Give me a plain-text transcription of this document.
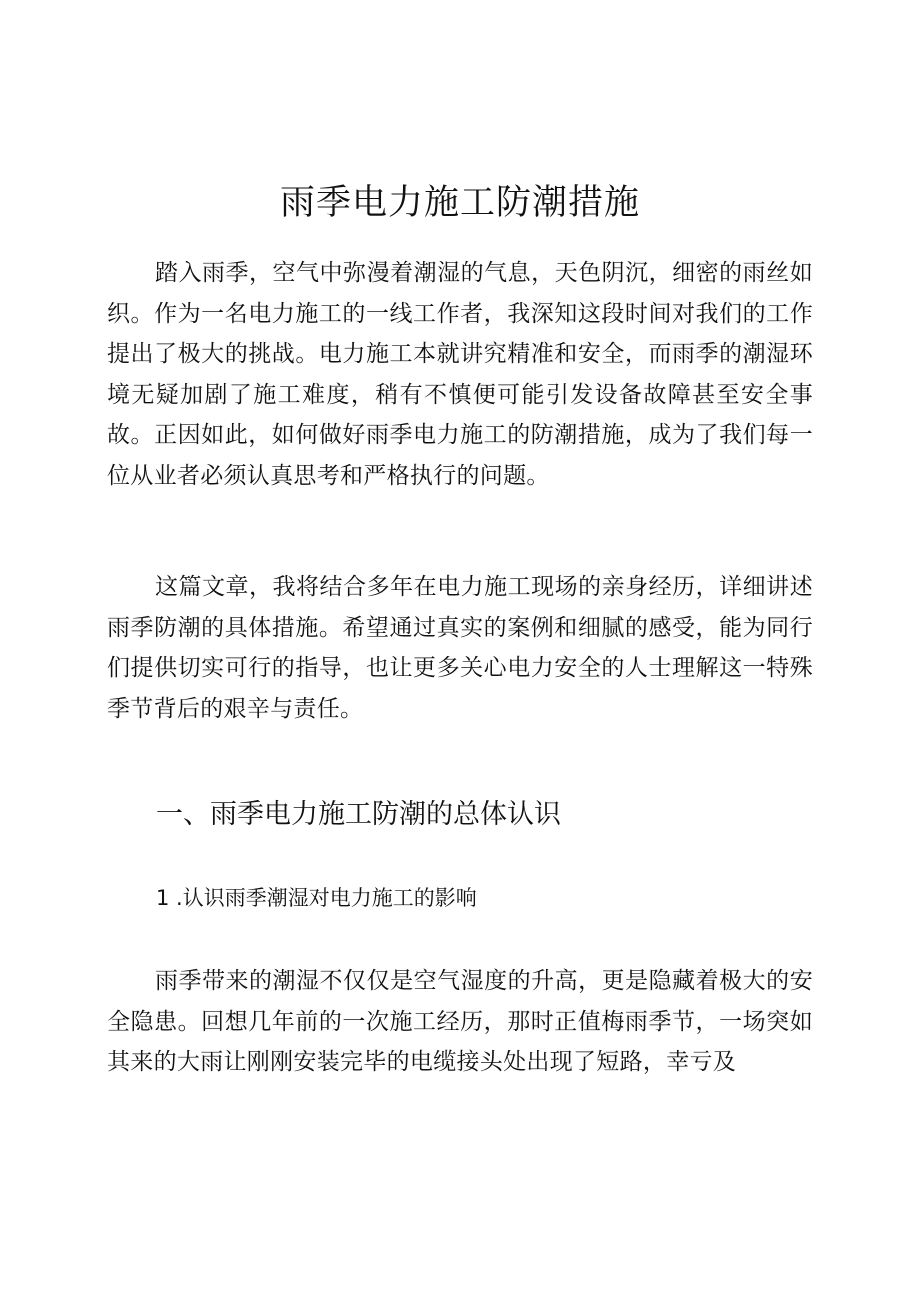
雨季电力施工防潮措施

踏入雨季，空气中弥漫着潮湿的气息，天色阴沉，细密的雨丝如织。作为一名电力施工的一线工作者，我深知这段时间对我们的工作提出了极大的挑战。电力施工本就讲究精准和安全，而雨季的潮湿环境无疑加剧了施工难度，稍有不慎便可能引发设备故障甚至安全事故。正因如此，如何做好雨季电力施工的防潮措施，成为了我们每一位从业者必须认真思考和严格执行的问题。

这篇文章，我将结合多年在电力施工现场的亲身经历，详细讲述雨季防潮的具体措施。希望通过真实的案例和细腻的感受，能为同行们提供切实可行的指导，也让更多关心电力安全的人士理解这一特殊季节背后的艰辛与责任。

一、雨季电力施工防潮的总体认识
1 .认识雨季潮湿对电力施工的影响

雨季带来的潮湿不仅仅是空气湿度的升高，更是隐藏着极大的安全隐患。回想几年前的一次施工经历，那时正值梅雨季节，一场突如其来的大雨让刚刚安装完毕的电缆接头处出现了短路，幸亏及
